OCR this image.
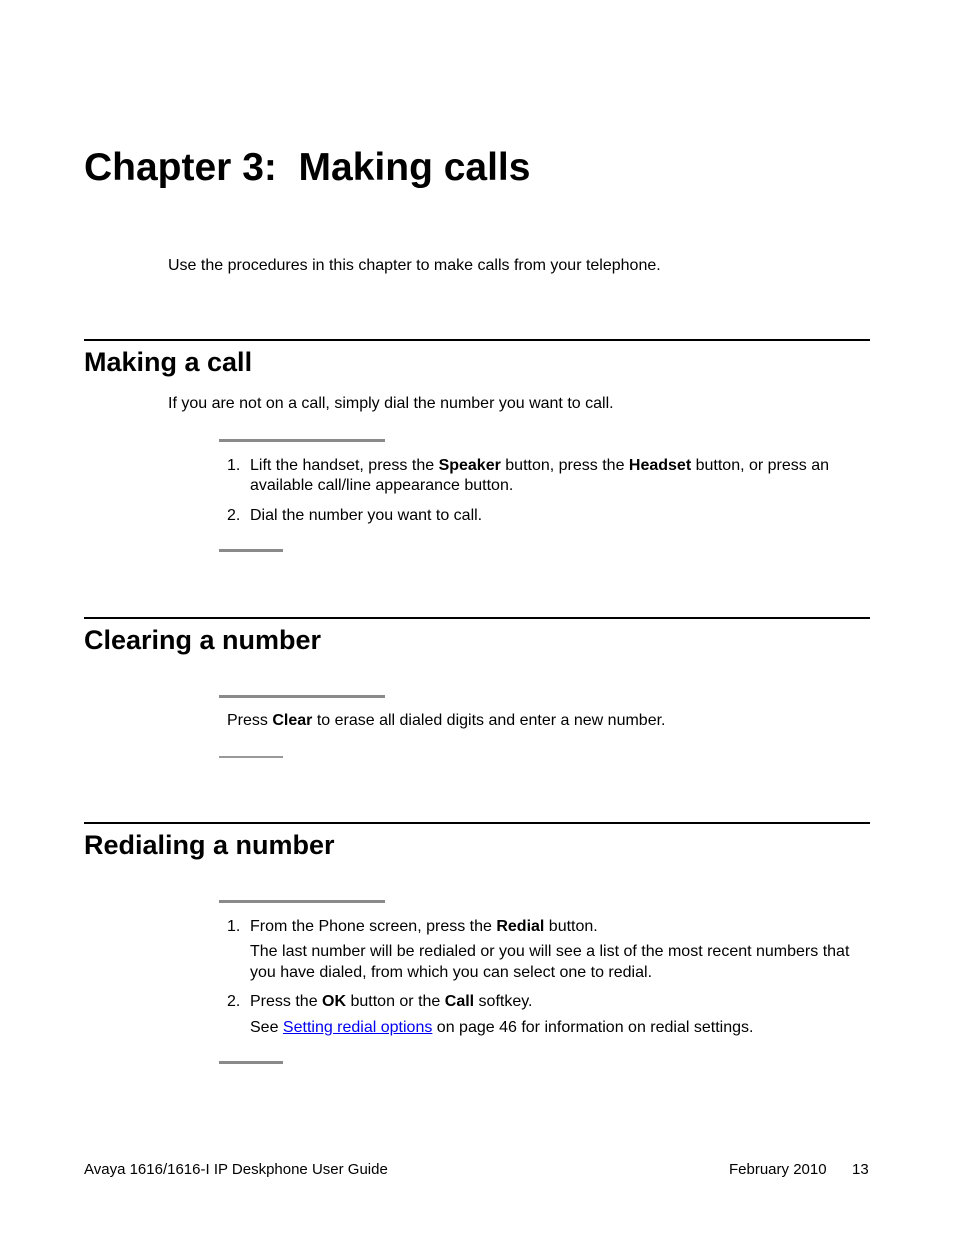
Chapter 3:  Making calls

Use the procedures in this chapter to make calls from your telephone.

Making a call

If you are not on a call, simply dial the number you want to call.

1. Lift the handset, press the Speaker button, press the Headset button, or press an available call/line appearance button.
2. Dial the number you want to call.
Clearing a number
Press Clear to erase all dialed digits and enter a new number.
Redialing a number
1. From the Phone screen, press the Redial button.
The last number will be redialed or you will see a list of the most recent numbers that you have dialed, from which you can select one to redial.
2. Press the OK button or the Call softkey.
See Setting redial options on page 46 for information on redial settings.
Avaya 1616/1616-I IP Deskphone User Guide	February 2010 13
